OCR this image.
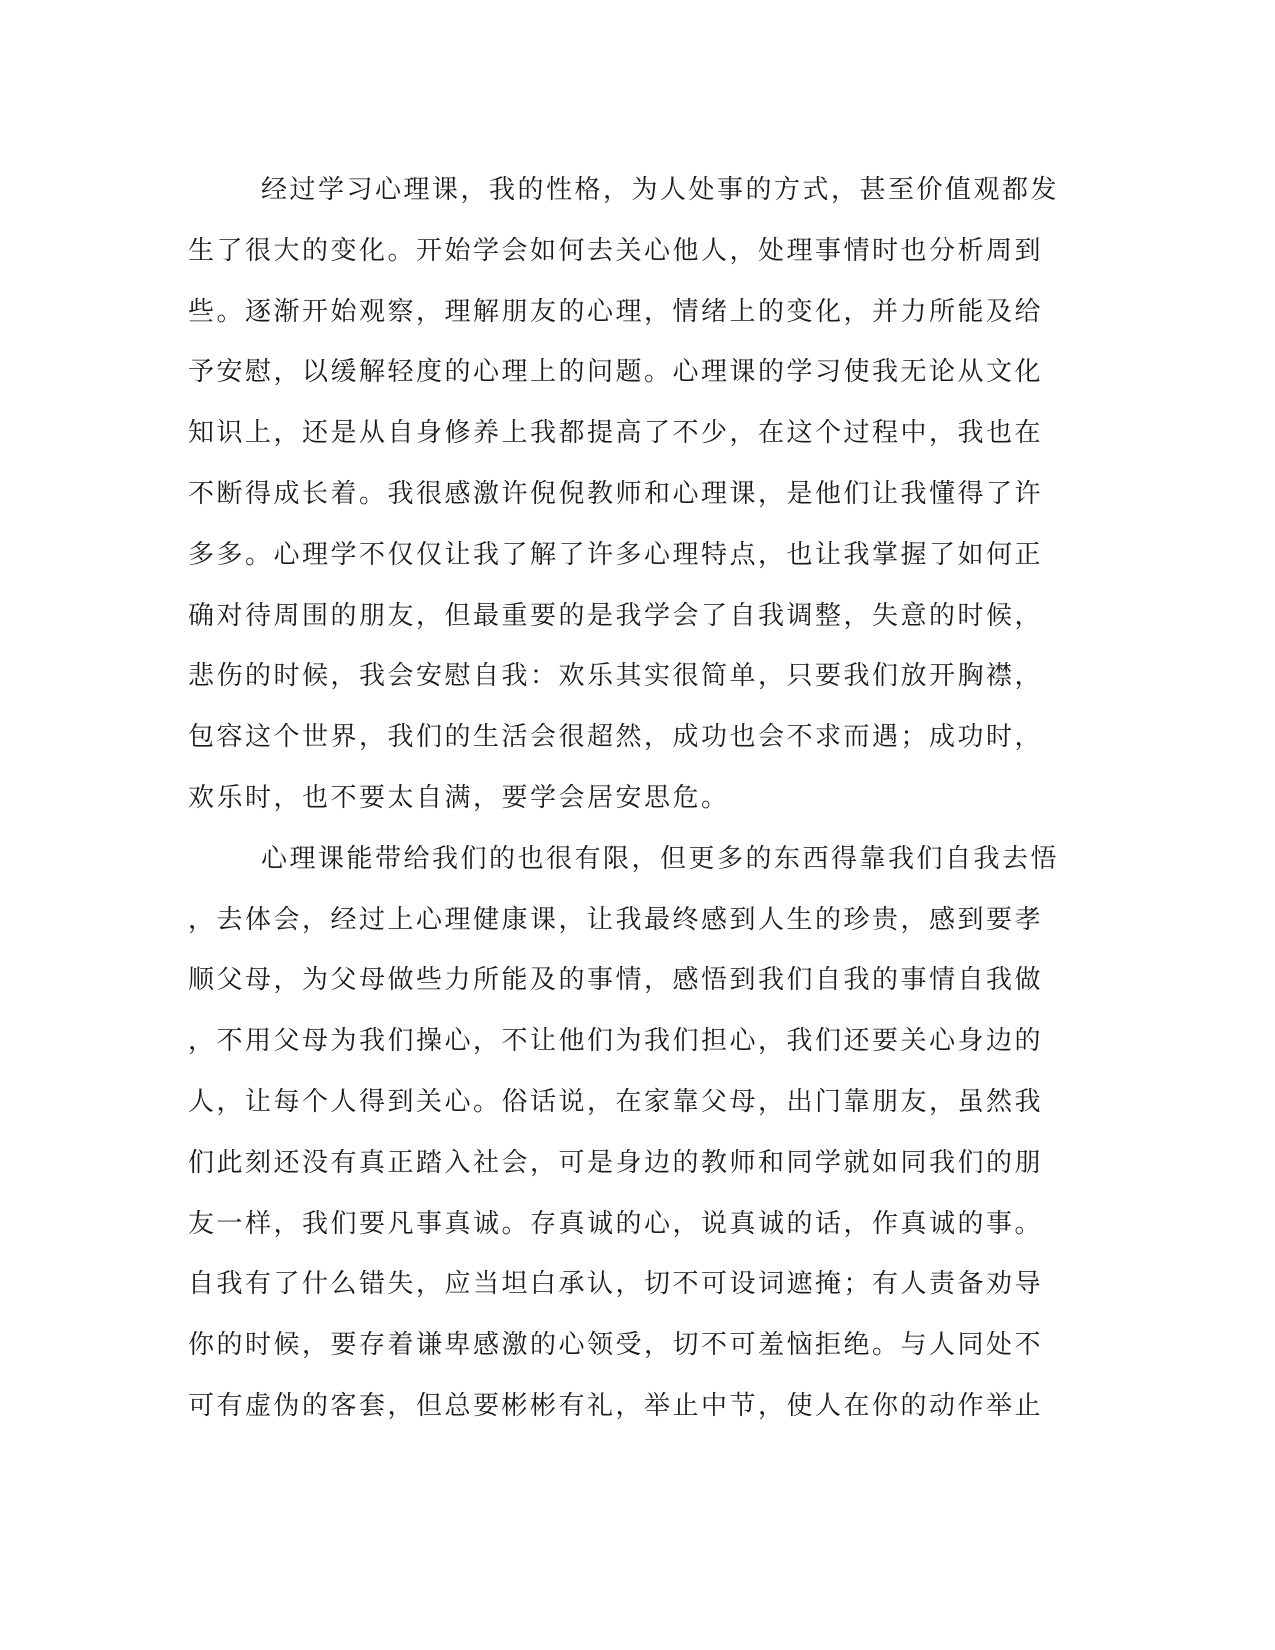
经过学习心理课，我的性格，为人处事的方式，甚至价值观都发
生了很大的变化。开始学会如何去关心他人，处理事情时也分析周到
些。逐渐开始观察，理解朋友的心理，情绪上的变化，并力所能及给
予安慰，以缓解轻度的心理上的问题。心理课的学习使我无论从文化
知识上，还是从自身修养上我都提高了不少，在这个过程中，我也在
不断得成长着。我很感激许倪倪教师和心理课，是他们让我懂得了许
多多。心理学不仅仅让我了解了许多心理特点，也让我掌握了如何正
确对待周围的朋友，但最重要的是我学会了自我调整，失意的时候，
悲伤的时候，我会安慰自我：欢乐其实很简单，只要我们放开胸襟，
包容这个世界，我们的生活会很超然，成功也会不求而遇；成功时，
欢乐时，也不要太自满，要学会居安思危。
心理课能带给我们的也很有限，但更多的东西得靠我们自我去悟
，去体会，经过上心理健康课，让我最终感到人生的珍贵，感到要孝
顺父母，为父母做些力所能及的事情，感悟到我们自我的事情自我做
，不用父母为我们操心，不让他们为我们担心，我们还要关心身边的
人，让每个人得到关心。俗话说，在家靠父母，出门靠朋友，虽然我
们此刻还没有真正踏入社会，可是身边的教师和同学就如同我们的朋
友一样，我们要凡事真诚。存真诚的心，说真诚的话，作真诚的事。
自我有了什么错失，应当坦白承认，切不可设词遮掩；有人责备劝导
你的时候，要存着谦卑感激的心领受，切不可羞恼拒绝。与人同处不
可有虚伪的客套，但总要彬彬有礼，举止中节，使人在你的动作举止
